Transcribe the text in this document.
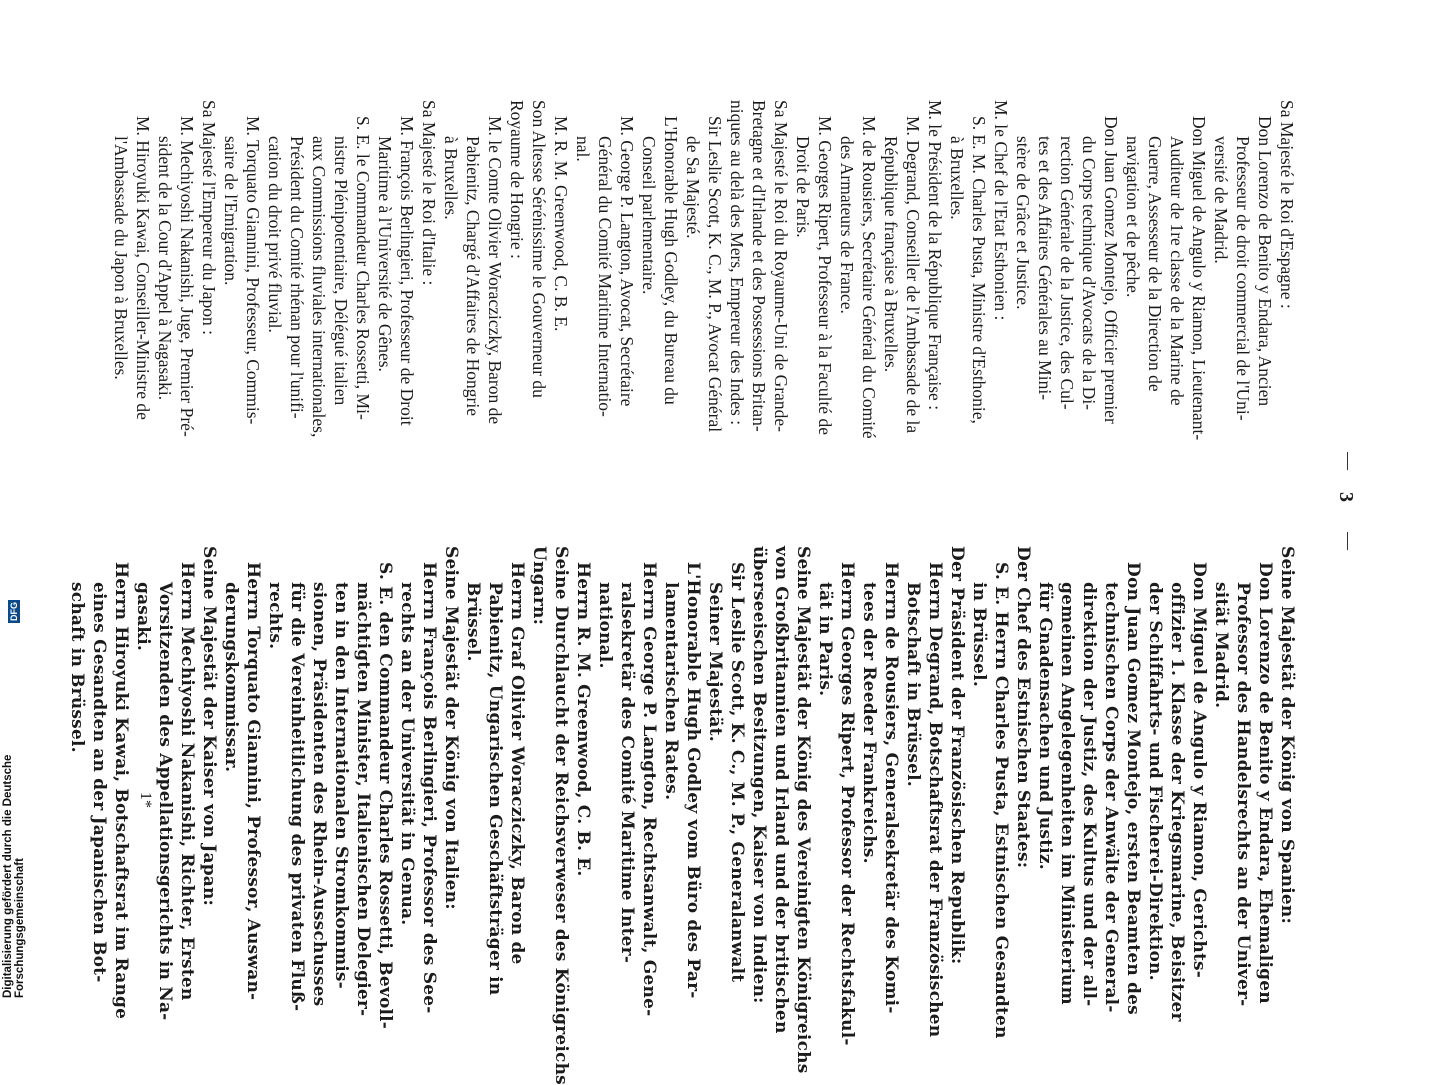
3
—
—
Sa Majesté le Roi d'Espagne :
Don Lorenzo de Benito y Endara, Ancien
Professeur de droit commercial de l'Uni-
versité de Madrid.
Don Miguel de Angulo y Riamon, Lieutenant-
Auditeur de 1re classe de la Marine de
Guerre, Assesseur de la Direction de
navigation et de pêche.
Don Juan Gomez Montejo, Officier premier
du Corps technique d'Avocats de la Di-
rection Générale de la Justice, des Cul-
tes et des Affaires Générales au Mini-
stère de Grâce et Justice.
M. le Chef de l'Etat Esthonien :
S. E. M. Charles Pusta, Ministre d'Esthonie,
à Bruxelles.
M. le Président de la République Française :
M. Degrand, Conseiller de l'Ambassade de la
République française à Bruxelles.
M. de Rousiers, Secrétaire Général du Comité
des Armateurs de France.
M. Georges Ripert, Professeur à la Faculté de
Droit de Paris.
Sa Majesté le Roi du Royaume-Uni de Grande-
Bretagne et d'Irlande et des Possessions Britan-
niques au delà des Mers, Empereur des Indes :
Sir Leslie Scott, K. C., M. P., Avocat Général
de Sa Majesté.
L'Honorable Hugh Godley, du Bureau du
Conseil parlementaire.
M. George P. Langton, Avocat, Secrétaire
Général du Comité Maritime Internatio-
nal.
M. R. M. Greenwood, C. B. E.
Son Altesse Sérénissime le Gouverneur du
Royaume de Hongrie :
M. le Comte Olivier Woracziczky, Baron de
Pabienitz, Chargé d'Affaires de Hongrie
à Bruxelles.
Sa Majesté le Roi d'Italie :
M. François Berlingieri, Professeur de Droit
Maritime à l'Université de Gênes.
S. E. le Commandeur Charles Rossetti, Mi-
nistre Plénipotentiaire, Délégué italien
aux Commissions fluviales internationales,
Président du Comité rhénan pour l'unifi-
cation du droit privé fluvial.
M. Torquato Giannini, Professeur, Commis-
saire de l'Emigration.
Sa Majesté l'Empereur du Japon :
M. Mechiyoshi Nakanishi, Juge, Premier Pré-
sident de la Cour d'Appel à Nagasaki.
M. Hiroyuki Kawai, Conseiller-Ministre de
l'Ambassade du Japon à Bruxelles.
Seine Majestät der König von Spanien:
Don Lorenzo de Benito y Endara, Ehemaligen
Professor des Handelsrechts an der Univer-
sität Madrid.
Don Miguel de Angulo y Riamon, Gerichts-
offizier 1. Klasse der Kriegsmarine, Beisitzer
der Schiffahrts- und Fischerei-Direktion.
Don Juan Gomez Montejo, ersten Beamten des
technischen Corps der Anwälte der General-
direktion der Justiz, des Kultus und der all-
gemeinen Angelegenheiten im Ministerium
für Gnadensachen und Justiz.
Der Chef des Estnischen Staates:
S. E. Herrn Charles Pusta, Estnischen Gesandten
in Brüssel.
Der Präsident der Französischen Republik:
Herrn Degrand, Botschaftsrat der Französischen
Botschaft in Brüssel.
Herrn de Rousiers, Generalsekretär des Komi-
tees der Reeder Frankreichs.
Herrn Georges Ripert, Professor der Rechtsfakul-
tät in Paris.
Seine Majestät der König des Vereinigten Königreichs
von Großbritannien und Irland und der britischen
überseeischen Besitzungen, Kaiser von Indien:
Sir Leslie Scott, K. C., M. P., Generalanwalt
Seiner Majestät.
L'Honorable Hugh Godley vom Büro des Par-
lamentarischen Rates.
Herrn George P. Langton, Rechtsanwalt, Gene-
ralsekretär des Comité Maritime Inter-
national.
Herrn R. M. Greenwood, C. B. E.
Seine Durchlaucht der Reichsverweser des Königreichs
Ungarn:
Herrn Graf Olivier Woracziczky, Baron de
Pabienitz, Ungarischen Geschäftsträger in
Brüssel.
Seine Majestät der König von Italien:
Herrn François Berlingieri, Professor des See-
rechts an der Universität in Genua.
S. E. den Commandeur Charles Rossetti, Bevoll-
mächtigten Minister, Italienischen Delegier-
ten in den Internationalen Stromkommis-
sionen, Präsidenten des Rhein-Ausschusses
für die Vereinheitlichung des privaten Fluß-
rechts.
Herrn Torquato Giannini, Professor, Auswan-
derungskommissar.
Seine Majestät der Kaiser von Japan:
Herrn Mechiyoshi Nakanishi, Richter, Ersten
Vorsitzenden des Appellationsgerichts in Na-
gasaki.
Herrn Hiroyuki Kawai, Botschaftsrat im Range
eines Gesandten an der Japanischen Bot-
schaft in Brüssel.
1*
Digitalisierung gefördert durch die Deutsche Forschungsgemeinschaft
DFG
